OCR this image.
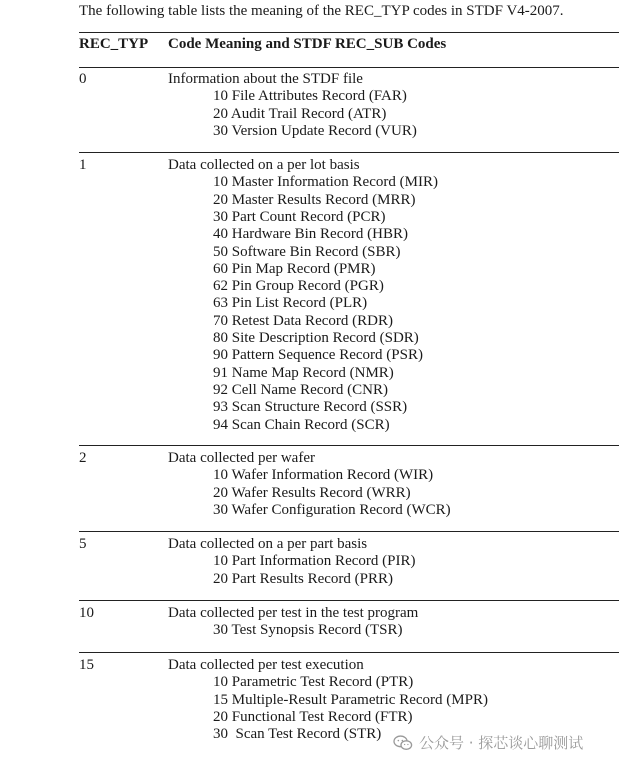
The following table lists the meaning of the REC_TYP codes in STDF V4-2007.
REC_TYP Code Meaning and STDF REC_SUB Codes
0	Information about the STDF file
10 File Attributes Record (FAR)
20 Audit Trail Record (ATR)
30 Version Update Record (VUR)
1	Data collected on a per lot basis
10 Master Information Record (MIR)
20 Master Results Record (MRR)
30 Part Count Record (PCR)
40 Hardware Bin Record (HBR)
50 Software Bin Record (SBR)
60 Pin Map Record (PMR)
62 Pin Group Record (PGR)
63 Pin List Record (PLR)
70 Retest Data Record (RDR)
80 Site Description Record (SDR)
90 Pattern Sequence Record (PSR)
91 Name Map Record (NMR)
92 Cell Name Record (CNR)
93 Scan Structure Record (SSR)
94 Scan Chain Record (SCR)
2	Data collected per wafer
10 Wafer Information Record (WIR)
20 Wafer Results Record (WRR)
30 Wafer Configuration Record (WCR)
5	Data collected on a per part basis
10 Part Information Record (PIR)
20 Part Results Record (PRR)
10	Data collected per test in the test program
30 Test Synopsis Record (TSR)
15	Data collected per test execution
10 Parametric Test Record (PTR)
15 Multiple-Result Parametric Record (MPR)
20 Functional Test Record (FTR)
30  Scan Test Record (STR)	公众号 · 探芯谈心聊测试
